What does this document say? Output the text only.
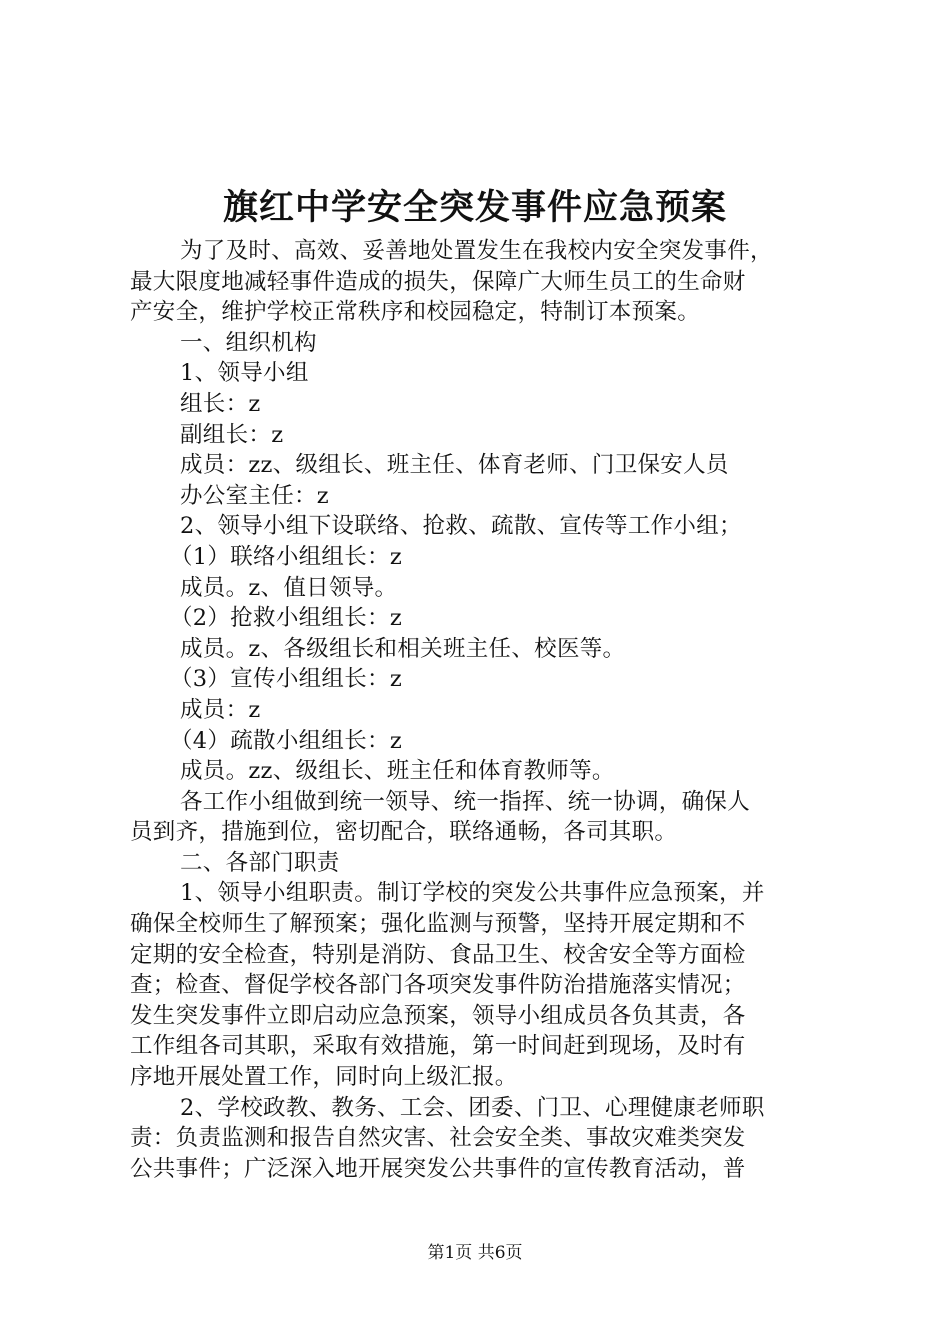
旗红中学安全突发事件应急预案

为了及时、高效、妥善地处置发生在我校内安全突发事件，

最大限度地减轻事件造成的损失，保障广大师生员工的生命财

产安全，维护学校正常秩序和校园稳定，特制订本预案。

一、组织机构

1、领导小组

组长：z

副组长：z

成员：zz、级组长、班主任、体育老师、门卫保安人员

办公室主任：z

2、领导小组下设联络、抢救、疏散、宣传等工作小组；

（1）联络小组组长：z

成员。z、值日领导。

（2）抢救小组组长：z

成员。z、各级组长和相关班主任、校医等。

（3）宣传小组组长：z

成员：z

（4）疏散小组组长：z

成员。zz、级组长、班主任和体育教师等。

各工作小组做到统一领导、统一指挥、统一协调，确保人

员到齐，措施到位，密切配合，联络通畅，各司其职。

二、各部门职责

1、领导小组职责。制订学校的突发公共事件应急预案，并

确保全校师生了解预案；强化监测与预警，坚持开展定期和不

定期的安全检查，特别是消防、食品卫生、校舍安全等方面检

查；检查、督促学校各部门各项突发事件防治措施落实情况；

发生突发事件立即启动应急预案，领导小组成员各负其责，各

工作组各司其职，采取有效措施，第一时间赶到现场，及时有

序地开展处置工作，同时向上级汇报。

2、学校政教、教务、工会、团委、门卫、心理健康老师职

责：负责监测和报告自然灾害、社会安全类、事故灾难类突发

公共事件；广泛深入地开展突发公共事件的宣传教育活动，普

第1页 共6页
